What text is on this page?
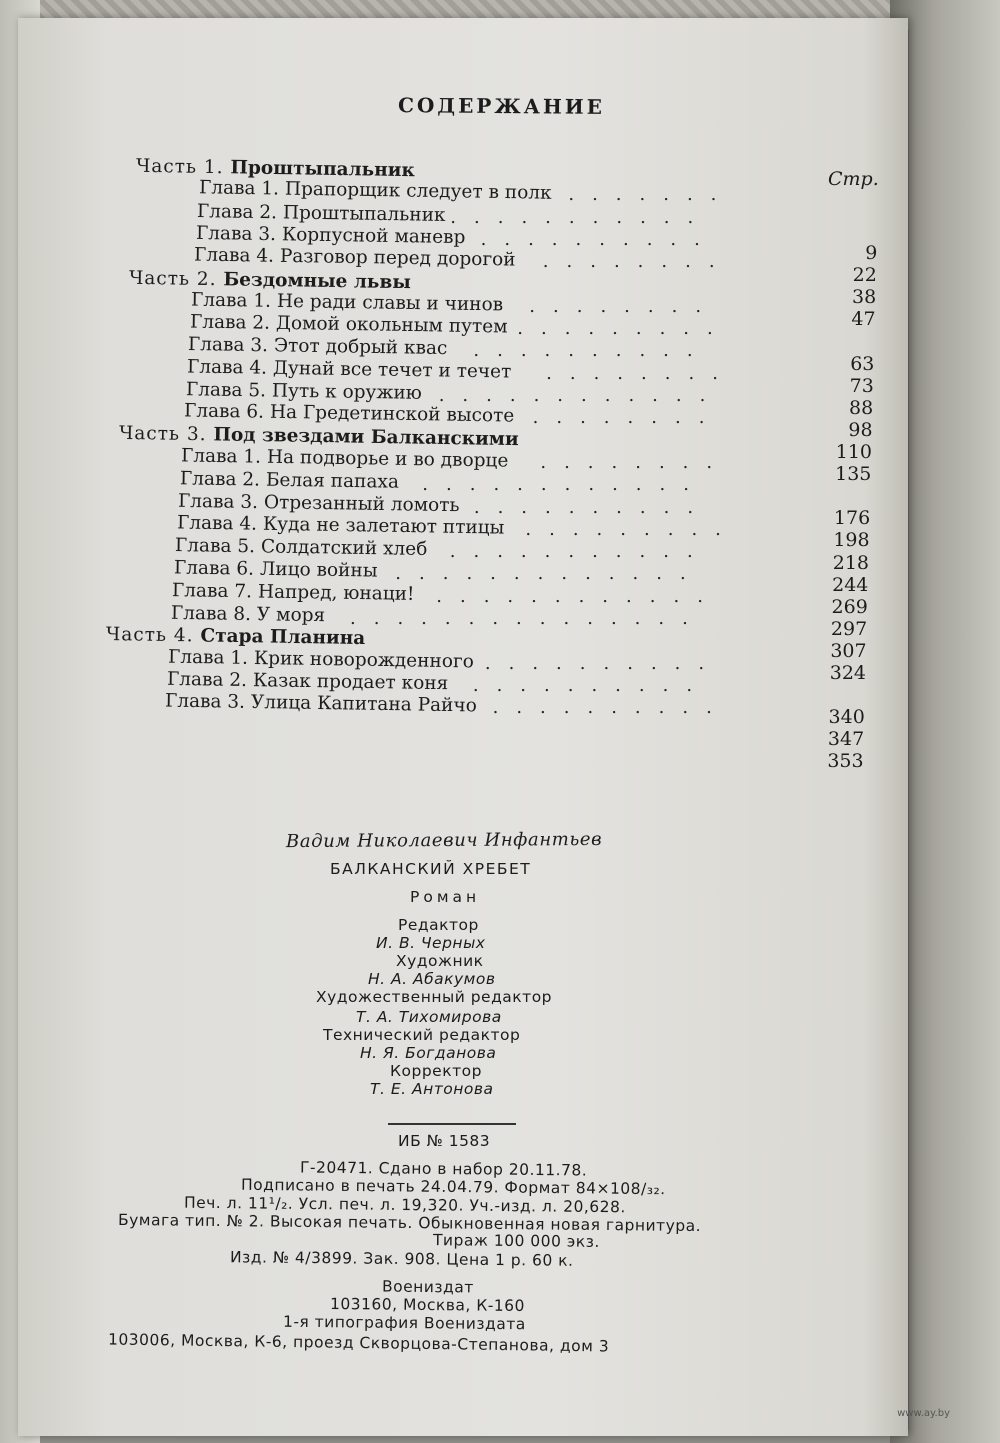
СОДЕРЖАНИЕ
Стр.
Часть 1. Проштыпальник
Глава 1. Прапорщик следует в полк .......
9
Глава 2. Проштыпальник ...........
22
Глава 3. Корпусной маневр ..........
38
Глава 4. Разговор перед дорогой ........
47
Часть 2. Бездомные львы
Глава 1. Не ради славы и чинов ........
63
Глава 2. Домой окольным путем .........
73
Глава 3. Этот добрый квас ..........
88
Глава 4. Дунай все течет и течет ........
98
Глава 5. Путь к оружию ............
110
Глава 6. На Гредетинской высоте ........
135
Часть 3. Под звездами Балканскими
Глава 1. На подворье и во дворце ........
176
Глава 2. Белая папаха ............
198
Глава 3. Отрезанный ломоть ..........
218
Глава 4. Куда не залетают птицы .........
244
Глава 5. Солдатский хлеб ...........
269
Глава 6. Лицо войны .............
297
Глава 7. Напред, юнаци! ............
307
Глава 8. У моря ...............
324
Часть 4. Стара Планина
Глава 1. Крик новорожденного ..........
340
Глава 2. Казак продает коня ..........
347
Глава 3. Улица Капитана Райчо ..........
353
Вадим Николаевич Инфантьев
БАЛКАНСКИЙ ХРЕБЕТ
Роман
Редактор
И. В. Черных
Художник
Н. А. Абакумов
Художественный редактор
Т. А. Тихомирова
Технический редактор
Н. Я. Богданова
Корректор
Т. Е. Антонова
ИБ № 1583
Г-20471. Сдано в набор 20.11.78.
Подписано в печать 24.04.79. Формат 84×108/₃₂.
Печ. л. 11¹/₂. Усл. печ. л. 19,320. Уч.-изд. л. 20,628.
Бумага тип. № 2. Высокая печать. Обыкновенная новая гарнитура.
Тираж 100 000 экз.
Изд. № 4/3899. Зак. 908. Цена 1 р. 60 к.
Воениздат
103160, Москва, К-160
1-я типография Воениздата
103006, Москва, К-6, проезд Скворцова-Степанова, дом 3
www.ay.by
